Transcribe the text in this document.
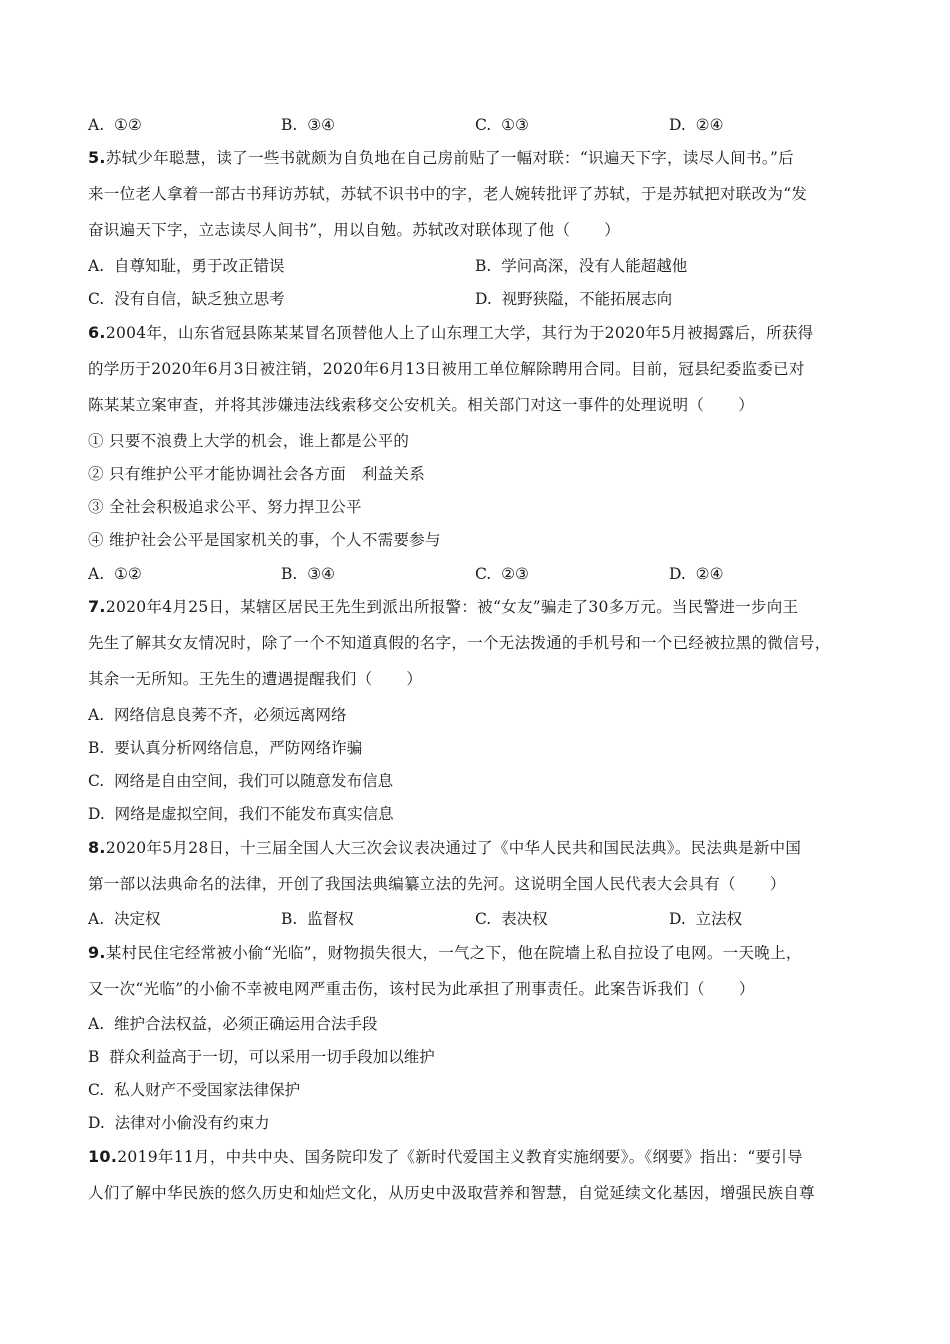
A. ①②	B. ③④	C. ①③	D. ②④
5.苏轼少年聪慧，读了一些书就颇为自负地在自己房前贴了一幅对联：“识遍天下字，读尽人间书。”后
来一位老人拿着一部古书拜访苏轼，苏轼不识书中的字，老人婉转批评了苏轼，于是苏轼把对联改为“发
奋识遍天下字，立志读尽人间书”，用以自勉。苏轼改对联体现了他（ ）
A. 自尊知耻，勇于改正错误	B. 学问高深，没有人能超越他
C. 没有自信，缺乏独立思考	D. 视野狭隘，不能拓展志向
6.2004年，山东省冠县陈某某冒名顶替他人上了山东理工大学，其行为于2020年5月被揭露后，所获得
的学历于2020年6月3日被注销，2020年6月13日被用工单位解除聘用合同。目前，冠县纪委监委已对
陈某某立案审查，并将其涉嫌违法线索移交公安机关。相关部门对这一事件的处理说明（ ）
① 只要不浪费上大学的机会，谁上都是公平的
② 只有维护公平才能协调社会各方面　利益关系
③ 全社会积极追求公平、努力捍卫公平
④ 维护社会公平是国家机关的事，个人不需要参与
A. ①②	B. ③④	C. ②③	D. ②④
7.2020年4月25日，某辖区居民王先生到派出所报警：被“女友”骗走了30多万元。当民警进一步向王
先生了解其女友情况时，除了一个不知道真假的名字，一个无法拨通的手机号和一个已经被拉黑的微信号，
其余一无所知。王先生的遭遇提醒我们（ ）
A. 网络信息良莠不齐，必须远离网络
B. 要认真分析网络信息，严防网络诈骗
C. 网络是自由空间，我们可以随意发布信息
D. 网络是虚拟空间，我们不能发布真实信息
8.2020年5月28日，十三届全国人大三次会议表决通过了《中华人民共和国民法典》。民法典是新中国
第一部以法典命名的法律，开创了我国法典编纂立法的先河。这说明全国人民代表大会具有（ ）
A. 决定权	B. 监督权	C. 表决权	D. 立法权
9.某村民住宅经常被小偷“光临”，财物损失很大，一气之下，他在院墙上私自拉设了电网。一天晚上，
又一次“光临”的小偷不幸被电网严重击伤，该村民为此承担了刑事责任。此案告诉我们（ ）
A. 维护合法权益，必须正确运用合法手段
B 群众利益高于一切，可以采用一切手段加以维护
C. 私人财产不受国家法律保护
D. 法律对小偷没有约束力
10.2019年11月，中共中央、国务院印发了《新时代爱国主义教育实施纲要》。《纲要》指出：“要引导
人们了解中华民族的悠久历史和灿烂文化，从历史中汲取营养和智慧，自觉延续文化基因，增强民族自尊
